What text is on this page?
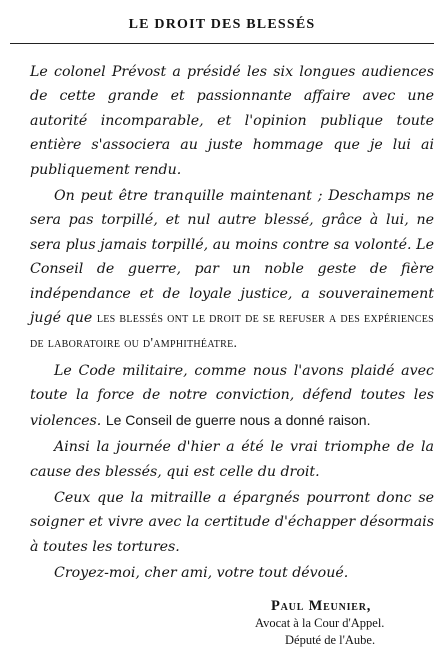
LE DROIT DES BLESSÉS

Le colonel Prévost a présidé les six longues audiences de cette grande et passionnante affaire avec une autorité incomparable, et l'opinion publique toute entière s'associera au juste hommage que je lui ai publiquement rendu.

On peut être tranquille maintenant ; Deschamps ne sera pas torpillé, et nul autre blessé, grâce à lui, ne sera plus jamais torpillé, au moins contre sa volonté. Le Conseil de guerre, par un noble geste de fière indépendance et de loyale justice, a souverainement jugé que les blessés ont le droit de se refuser a des expériences de laboratoire ou d'amphithéatre.

Le Code militaire, comme nous l'avons plaidé avec toute la force de notre conviction, défend toutes les violences. Le Conseil de guerre nous a donné raison.

Ainsi la journée d'hier a été le vrai triomphe de la cause des blessés, qui est celle du droit.

Ceux que la mitraille a épargnés pourront donc se soigner et vivre avec la certitude d'échapper désormais à toutes les tortures.

Croyez-moi, cher ami, votre tout dévoué.

Paul Meunier,
Avocat à la Cour d'Appel.
Député de l'Aube.
